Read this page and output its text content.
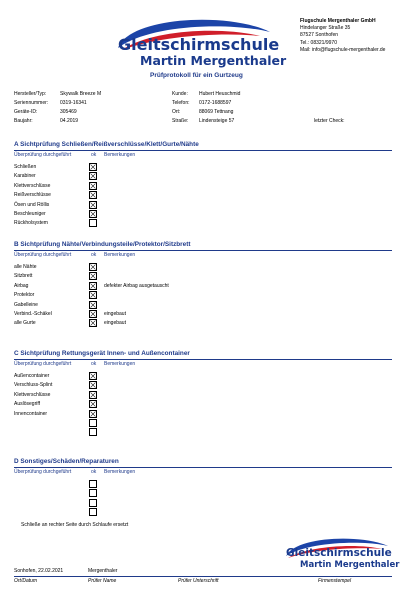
Gleitschirmschule
Martin Mergenthaler
Flugschule Mergenthaler GmbH
Hindelanger Straße 35
87527 Sonthofen
Tel.: 08321/9970
Mail: info@flugschule-mergenthaler.de
Prüfprotokoll für ein Gurtzeug
Hersteller/Typ:	Skywalk Breeze M
Seriennummer: 0319-16341
Geräte-ID:	305469
Baujahr:	04.2019
Kunde: Hubert Heuschmid
Telefon: 0172-1688597
Ort:	88069 Tettnang
Straße: Lindensteige 57	letzter Check:
A Sichtprüfung Schließen/Reißverschlüsse/Klett/Gurte/Nähte
Überprüfung durchgeführt	ok Bemerkungen
Schließen
Karabiner
Klettverschlüsse
Reißverschlüsse
Ösen und Röllis
Beschleuniger
Rückholsystem
B Sichtprüfung Nähte/Verbindungsteile/Protektor/Sitzbrett
Überprüfung durchgeführt	ok Bemerkungen
alle Nähte
Sitzbrett
Airbag	defekter Airbag ausgetauscht
Protektor
Gabelleine
Verbind.-Schäkel	eingebaut
alle Gurte	eingebaut
C Sichtprüfung Rettungsgerät Innen- und Außencontainer
Überprüfung durchgeführt	ok Bemerkungen
Außencontainer
Verschluss-Splint
Klettverschlüsse
Auslösegriff
Innencontainer
D Sonstiges/Schäden/Reparaturen
Überprüfung durchgeführt	ok Bemerkungen
Schließe an rechter Seite durch Schlaufe ersetzt
Gleitschirmschule
Martin Mergenthaler
Sonhofen, 22.02.2021	Mergenthaler
Ort/Datum	Prüfer Name	Prüfer Unterschrift	Firmenstempel
